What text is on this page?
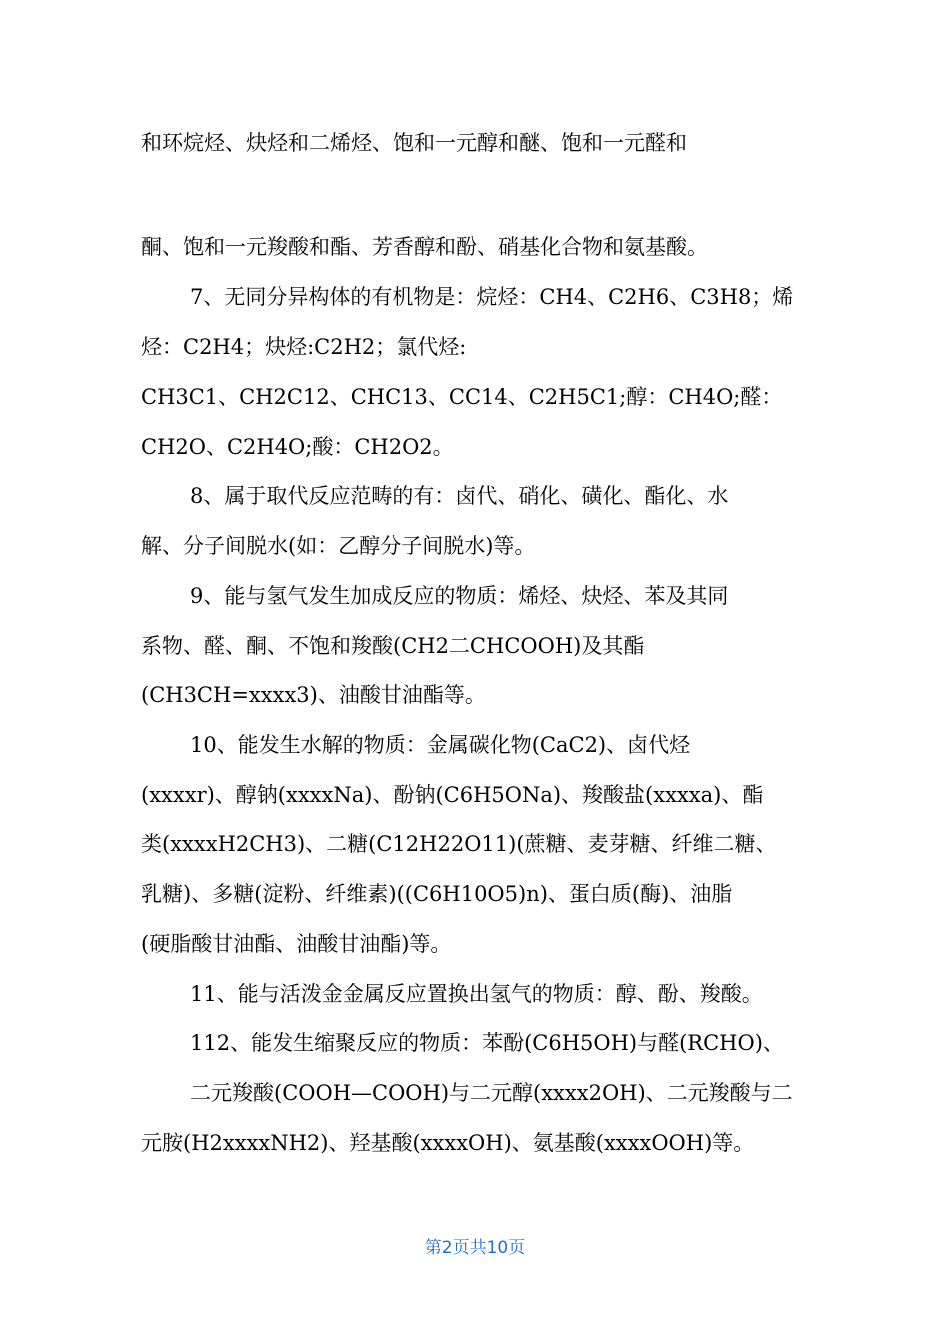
和环烷烃、炔烃和二烯烃、饱和一元醇和醚、饱和一元醛和
酮、饱和一元羧酸和酯、芳香醇和酚、硝基化合物和氨基酸。
7、无同分异构体的有机物是：烷烃：CH4、C2H6、C3H8；烯
烃：C2H4；炔烃:C2H2；氯代烃:
CH3C1、CH2C12、CHC13、CC14、C2H5C1;醇：CH4O;醛：
CH2O、C2H4O;酸：CH2O2。
8、属于取代反应范畴的有：卤代、硝化、磺化、酯化、水
解、分子间脱水(如：乙醇分子间脱水)等。
9、能与氢气发生加成反应的物质：烯烃、炔烃、苯及其同
系物、醛、酮、不饱和羧酸(CH2二CHCOOH)及其酯
(CH3CH=xxxx3)、油酸甘油酯等。
10、能发生水解的物质：金属碳化物(CaC2)、卤代烃
(xxxxr)、醇钠(xxxxNa)、酚钠(C6H5ONa)、羧酸盐(xxxxa)、酯
类(xxxxH2CH3)、二糖(C12H22O11)(蔗糖、麦芽糖、纤维二糖、
乳糖)、多糖(淀粉、纤维素)((C6H10O5)n)、蛋白质(酶)、油脂
(硬脂酸甘油酯、油酸甘油酯)等。
11、能与活泼金金属反应置换出氢气的物质：醇、酚、羧酸。
112、能发生缩聚反应的物质：苯酚(C6H5OH)与醛(RCHO)、
二元羧酸(COOH—COOH)与二元醇(xxxx2OH)、二元羧酸与二
元胺(H2xxxxNH2)、羟基酸(xxxxOH)、氨基酸(xxxxOOH)等。
第2页共10页
